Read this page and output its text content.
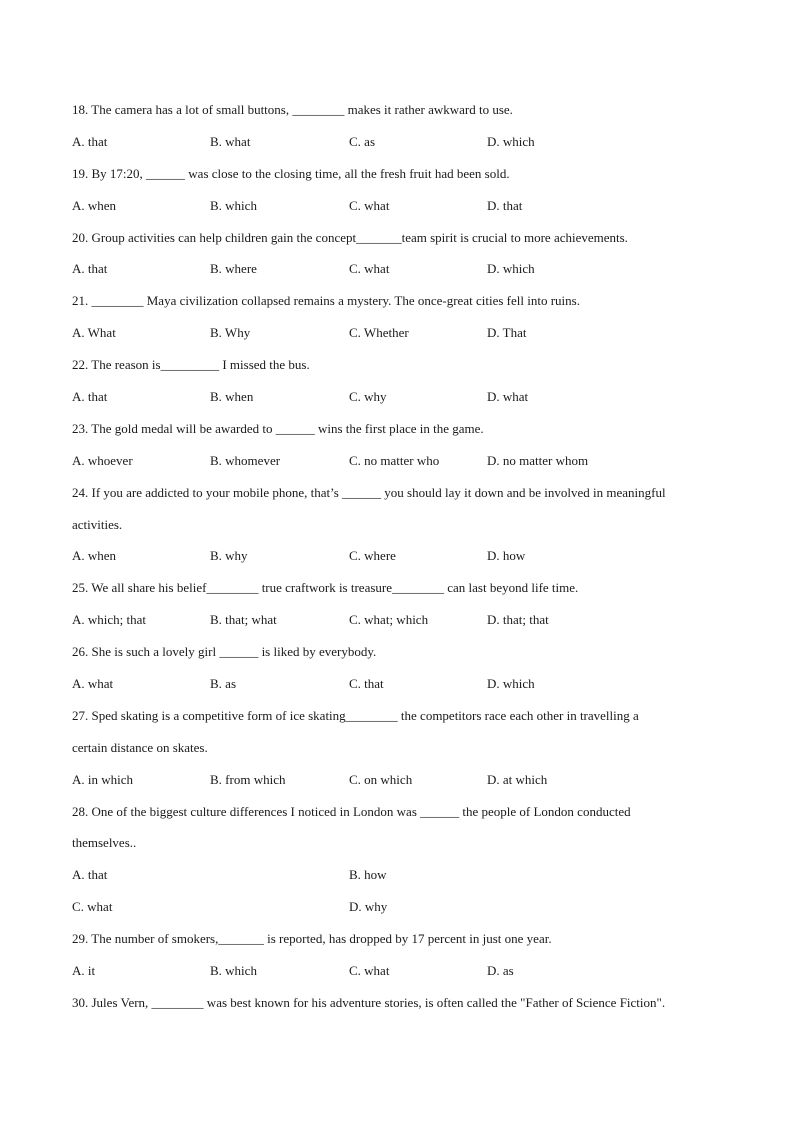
18. The camera has a lot of small buttons, ________ makes it rather awkward to use.
A. that	B. what	C. as	D. which
19. By 17:20, ______ was close to the closing time, all the fresh fruit had been sold.
A. when	B. which	C. what	D. that
20. Group activities can help children gain the concept_______team spirit is crucial to more achievements.
A. that	B. where	C. what	D. which
21. ________ Maya civilization collapsed remains a mystery. The once-great cities fell into ruins.
A. What	B. Why	C. Whether	D. That
22. The reason is_________ I missed the bus.
A. that	B. when	C. why	D. what
23. The gold medal will be awarded to ______ wins the first place in the game.
A. whoever	B. whomever	C. no matter who	D. no matter whom
24. If you are addicted to your mobile phone, that’s ______ you should lay it down and be involved in meaningful
activities.
A. when	B. why	C. where	D. how
25. We all share his belief________ true craftwork is treasure________ can last beyond life time.
A. which; that	B. that; what	C. what; which	D. that; that
26. She is such a lovely girl ______ is liked by everybody.
A. what	B. as	C. that	D. which
27. Sped skating is a competitive form of ice skating________ the competitors race each other in travelling a
certain distance on skates.
A. in which	B. from which	C. on which	D. at which
28. One of the biggest culture differences I noticed in London was ______ the people of London conducted
themselves..
A. that	B. how
C. what	D. why
29. The number of smokers,_______ is reported, has dropped by 17 percent in just one year.
A. it	B. which	C. what	D. as
30. Jules Vern, ________ was best known for his adventure stories, is often called the "Father of Science Fiction".
